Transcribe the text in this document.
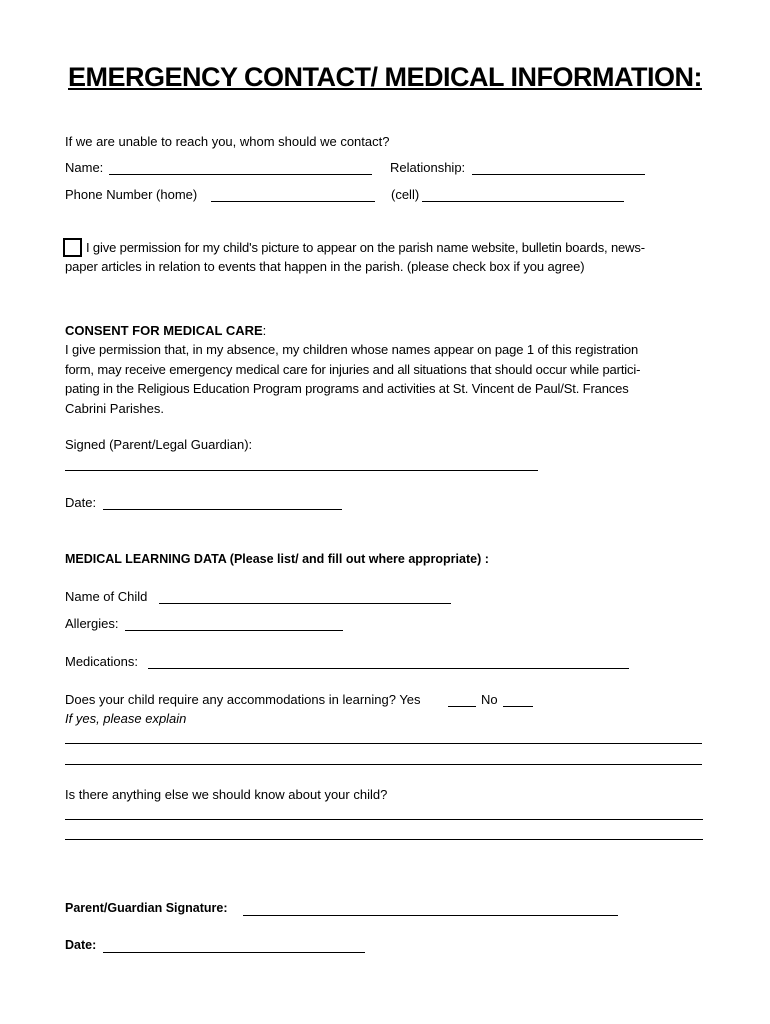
EMERGENCY CONTACT/ MEDICAL INFORMATION:
If we are unable to reach you, whom should we contact?
Name:	Relationship:
Phone Number (home)	(cell)
I give permission for my child's picture to appear on the parish name website, bulletin boards, news-
paper articles in relation to events that happen in the parish. (please check box if you agree)
CONSENT FOR MEDICAL CARE:
I give permission that, in my absence, my children whose names appear on page 1 of this registration
form, may receive emergency medical care for injuries and all situations that should occur while partici-
pating in the Religious Education Program programs and activities at St. Vincent de Paul/St. Frances
Cabrini Parishes.
Signed (Parent/Legal Guardian):
Date:
MEDICAL LEARNING DATA (Please list/ and fill out where appropriate) :
Name of Child
Allergies:
Medications:
Does your child require any accommodations in learning? Yes	No
If yes, please explain
Is there anything else we should know about your child?
Parent/Guardian Signature:
Date:
